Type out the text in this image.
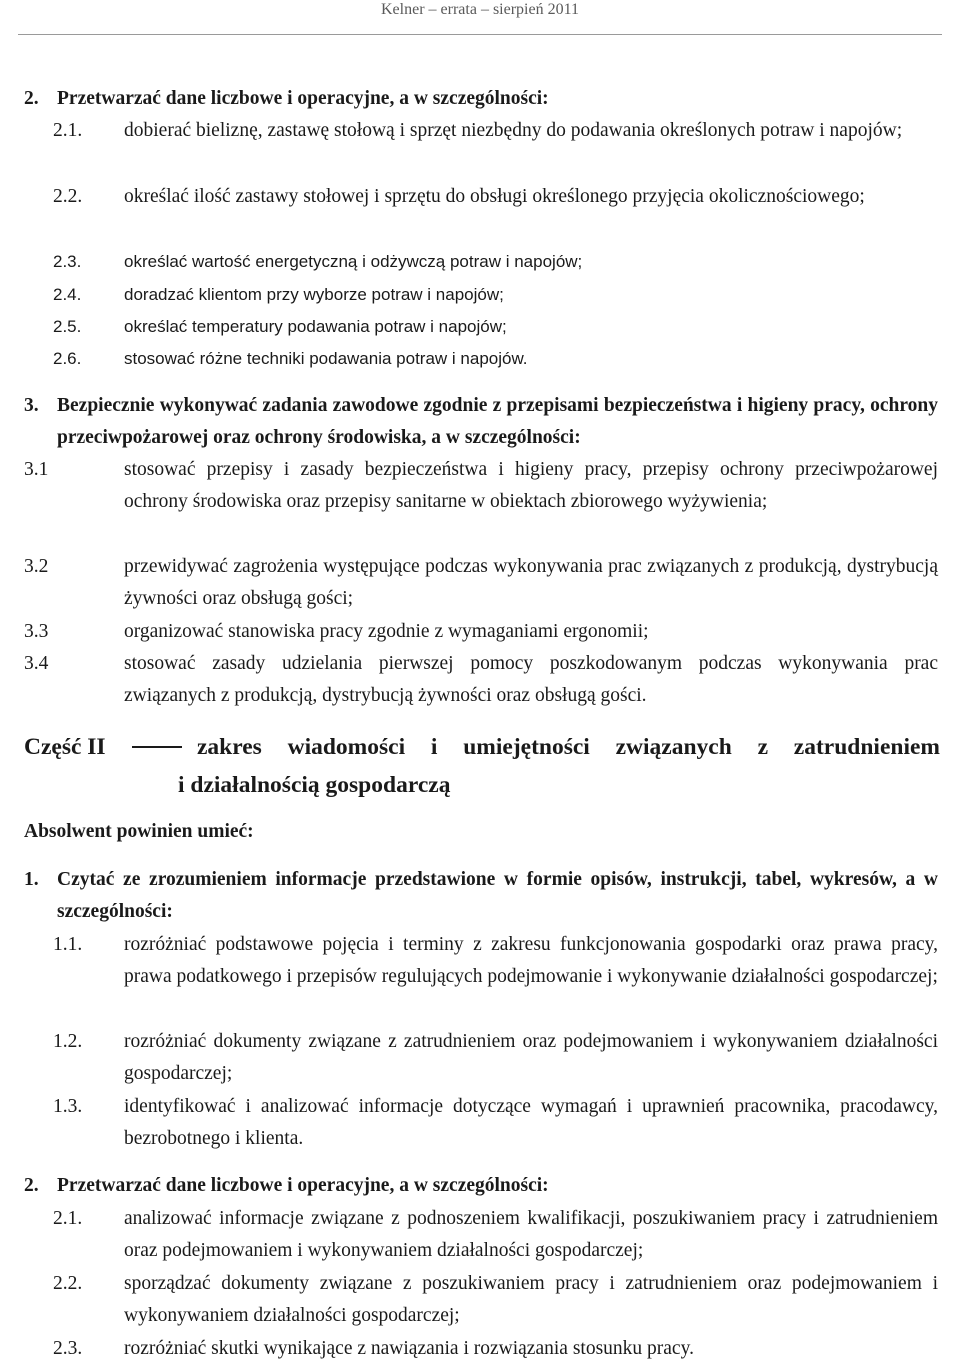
Kelner – errata – sierpień 2011
2. Przetwarzać dane liczbowe i operacyjne, a w szczególności:
2.1.	dobierać bieliznę, zastawę stołową i sprzęt niezbędny do podawania określonych potraw i napojów;
2.2.	określać ilość zastawy stołowej i sprzętu do obsługi określonego przyjęcia okolicznościowego;
2.3.	określać wartość energetyczną i odżywczą potraw i napojów;
2.4.	doradzać klientom przy wyborze potraw i napojów;
2.5.	określać temperatury podawania potraw i napojów;
2.6.	stosować różne techniki podawania potraw i napojów.
3. Bezpiecznie wykonywać zadania zawodowe zgodnie z przepisami bezpieczeństwa i higieny pracy, ochrony przeciwpożarowej oraz ochrony środowiska, a w szczególności:
3.1	stosować przepisy i zasady bezpieczeństwa i higieny pracy, przepisy ochrony przeciwpożarowej ochrony środowiska oraz przepisy sanitarne w obiektach zbiorowego wyżywienia;
3.2	przewidywać zagrożenia występujące podczas wykonywania prac związanych z produkcją, dystrybucją żywności oraz obsługą gości;
3.3	organizować stanowiska pracy zgodnie z wymaganiami ergonomii;
3.4	stosować zasady udzielania pierwszej pomocy poszkodowanym podczas wykonywania prac związanych z produkcją, dystrybucją żywności oraz obsługą gości.
Część II	zakres wiadomości i umiejętności związanych z zatrudnieniem
i działalnością gospodarczą
Absolwent powinien umieć:
1. Czytać ze zrozumieniem informacje przedstawione w formie opisów, instrukcji, tabel, wykresów, a w szczególności:
1.1.	rozróżniać podstawowe pojęcia i terminy z zakresu funkcjonowania gospodarki oraz prawa pracy, prawa podatkowego i przepisów regulujących podejmowanie i wykonywanie działalności gospodarczej;
1.2.	rozróżniać dokumenty związane z zatrudnieniem oraz podejmowaniem i wykonywaniem działalności gospodarczej;
1.3.	identyfikować i analizować informacje dotyczące wymagań i uprawnień pracownika, pracodawcy, bezrobotnego i klienta.
2. Przetwarzać dane liczbowe i operacyjne, a w szczególności:
2.1.	analizować informacje związane z podnoszeniem kwalifikacji, poszukiwaniem pracy i zatrudnieniem oraz podejmowaniem i wykonywaniem działalności gospodarczej;
2.2.	sporządzać dokumenty związane z poszukiwaniem pracy i zatrudnieniem oraz podejmowaniem i wykonywaniem działalności gospodarczej;
2.3.	rozróżniać skutki wynikające z nawiązania i rozwiązania stosunku pracy.
